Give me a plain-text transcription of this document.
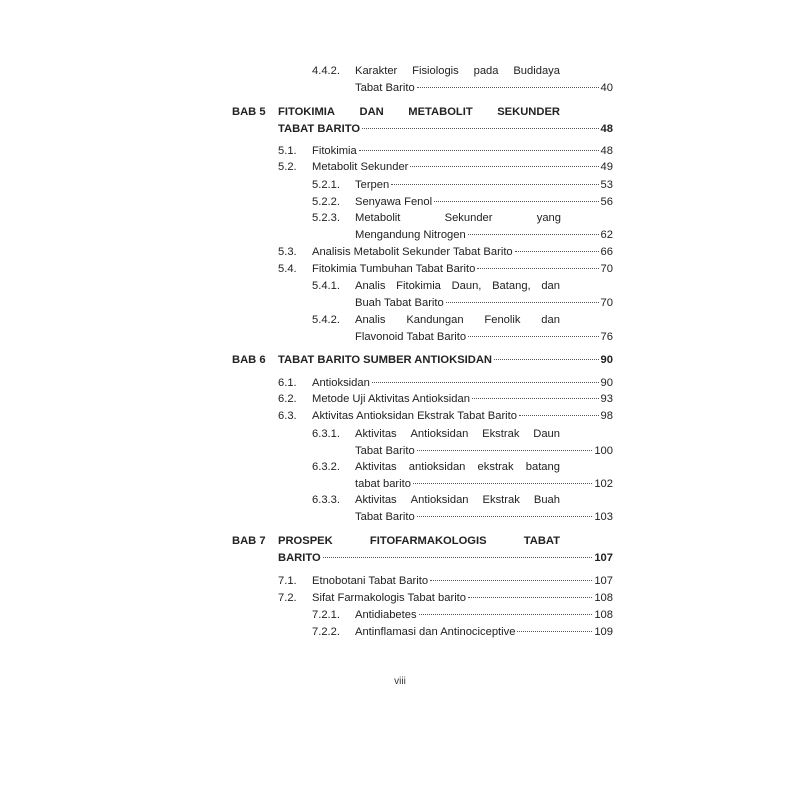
4.4.2. Karakter Fisiologis pada Budidaya
Tabat Barito	40
BAB 5 FITOKIMIA DAN METABOLIT SEKUNDER
TABAT BARITO	48
5.1. Fitokimia	48
5.2. Metabolit Sekunder	49
5.2.1. Terpen	53
5.2.2. Senyawa Fenol	56
5.2.3. Metabolit	Sekunder	yang
Mengandung Nitrogen	62
5.3. Analisis Metabolit Sekunder Tabat Barito	66
5.4. Fitokimia Tumbuhan Tabat Barito	70
5.4.1. Analis Fitokimia Daun, Batang, dan
Buah Tabat Barito	70
5.4.2. Analis Kandungan Fenolik dan
Flavonoid Tabat Barito	76
BAB 6 TABAT BARITO SUMBER ANTIOKSIDAN	90
6.1. Antioksidan	90
6.2. Metode Uji Aktivitas Antioksidan	93
6.3. Aktivitas Antioksidan Ekstrak Tabat Barito	98
6.3.1. Aktivitas Antioksidan Ekstrak Daun
Tabat Barito	100
6.3.2. Aktivitas antioksidan ekstrak batang
tabat barito	102
6.3.3. Aktivitas Antioksidan Ekstrak Buah
Tabat Barito	103
BAB 7 PROSPEK	FITOFARMAKOLOGIS	TABAT
BARITO	107
7.1. Etnobotani Tabat Barito	107
7.2. Sifat Farmakologis Tabat barito	108
7.2.1. Antidiabetes	108
7.2.2. Antinflamasi dan Antinociceptive	109
viii
